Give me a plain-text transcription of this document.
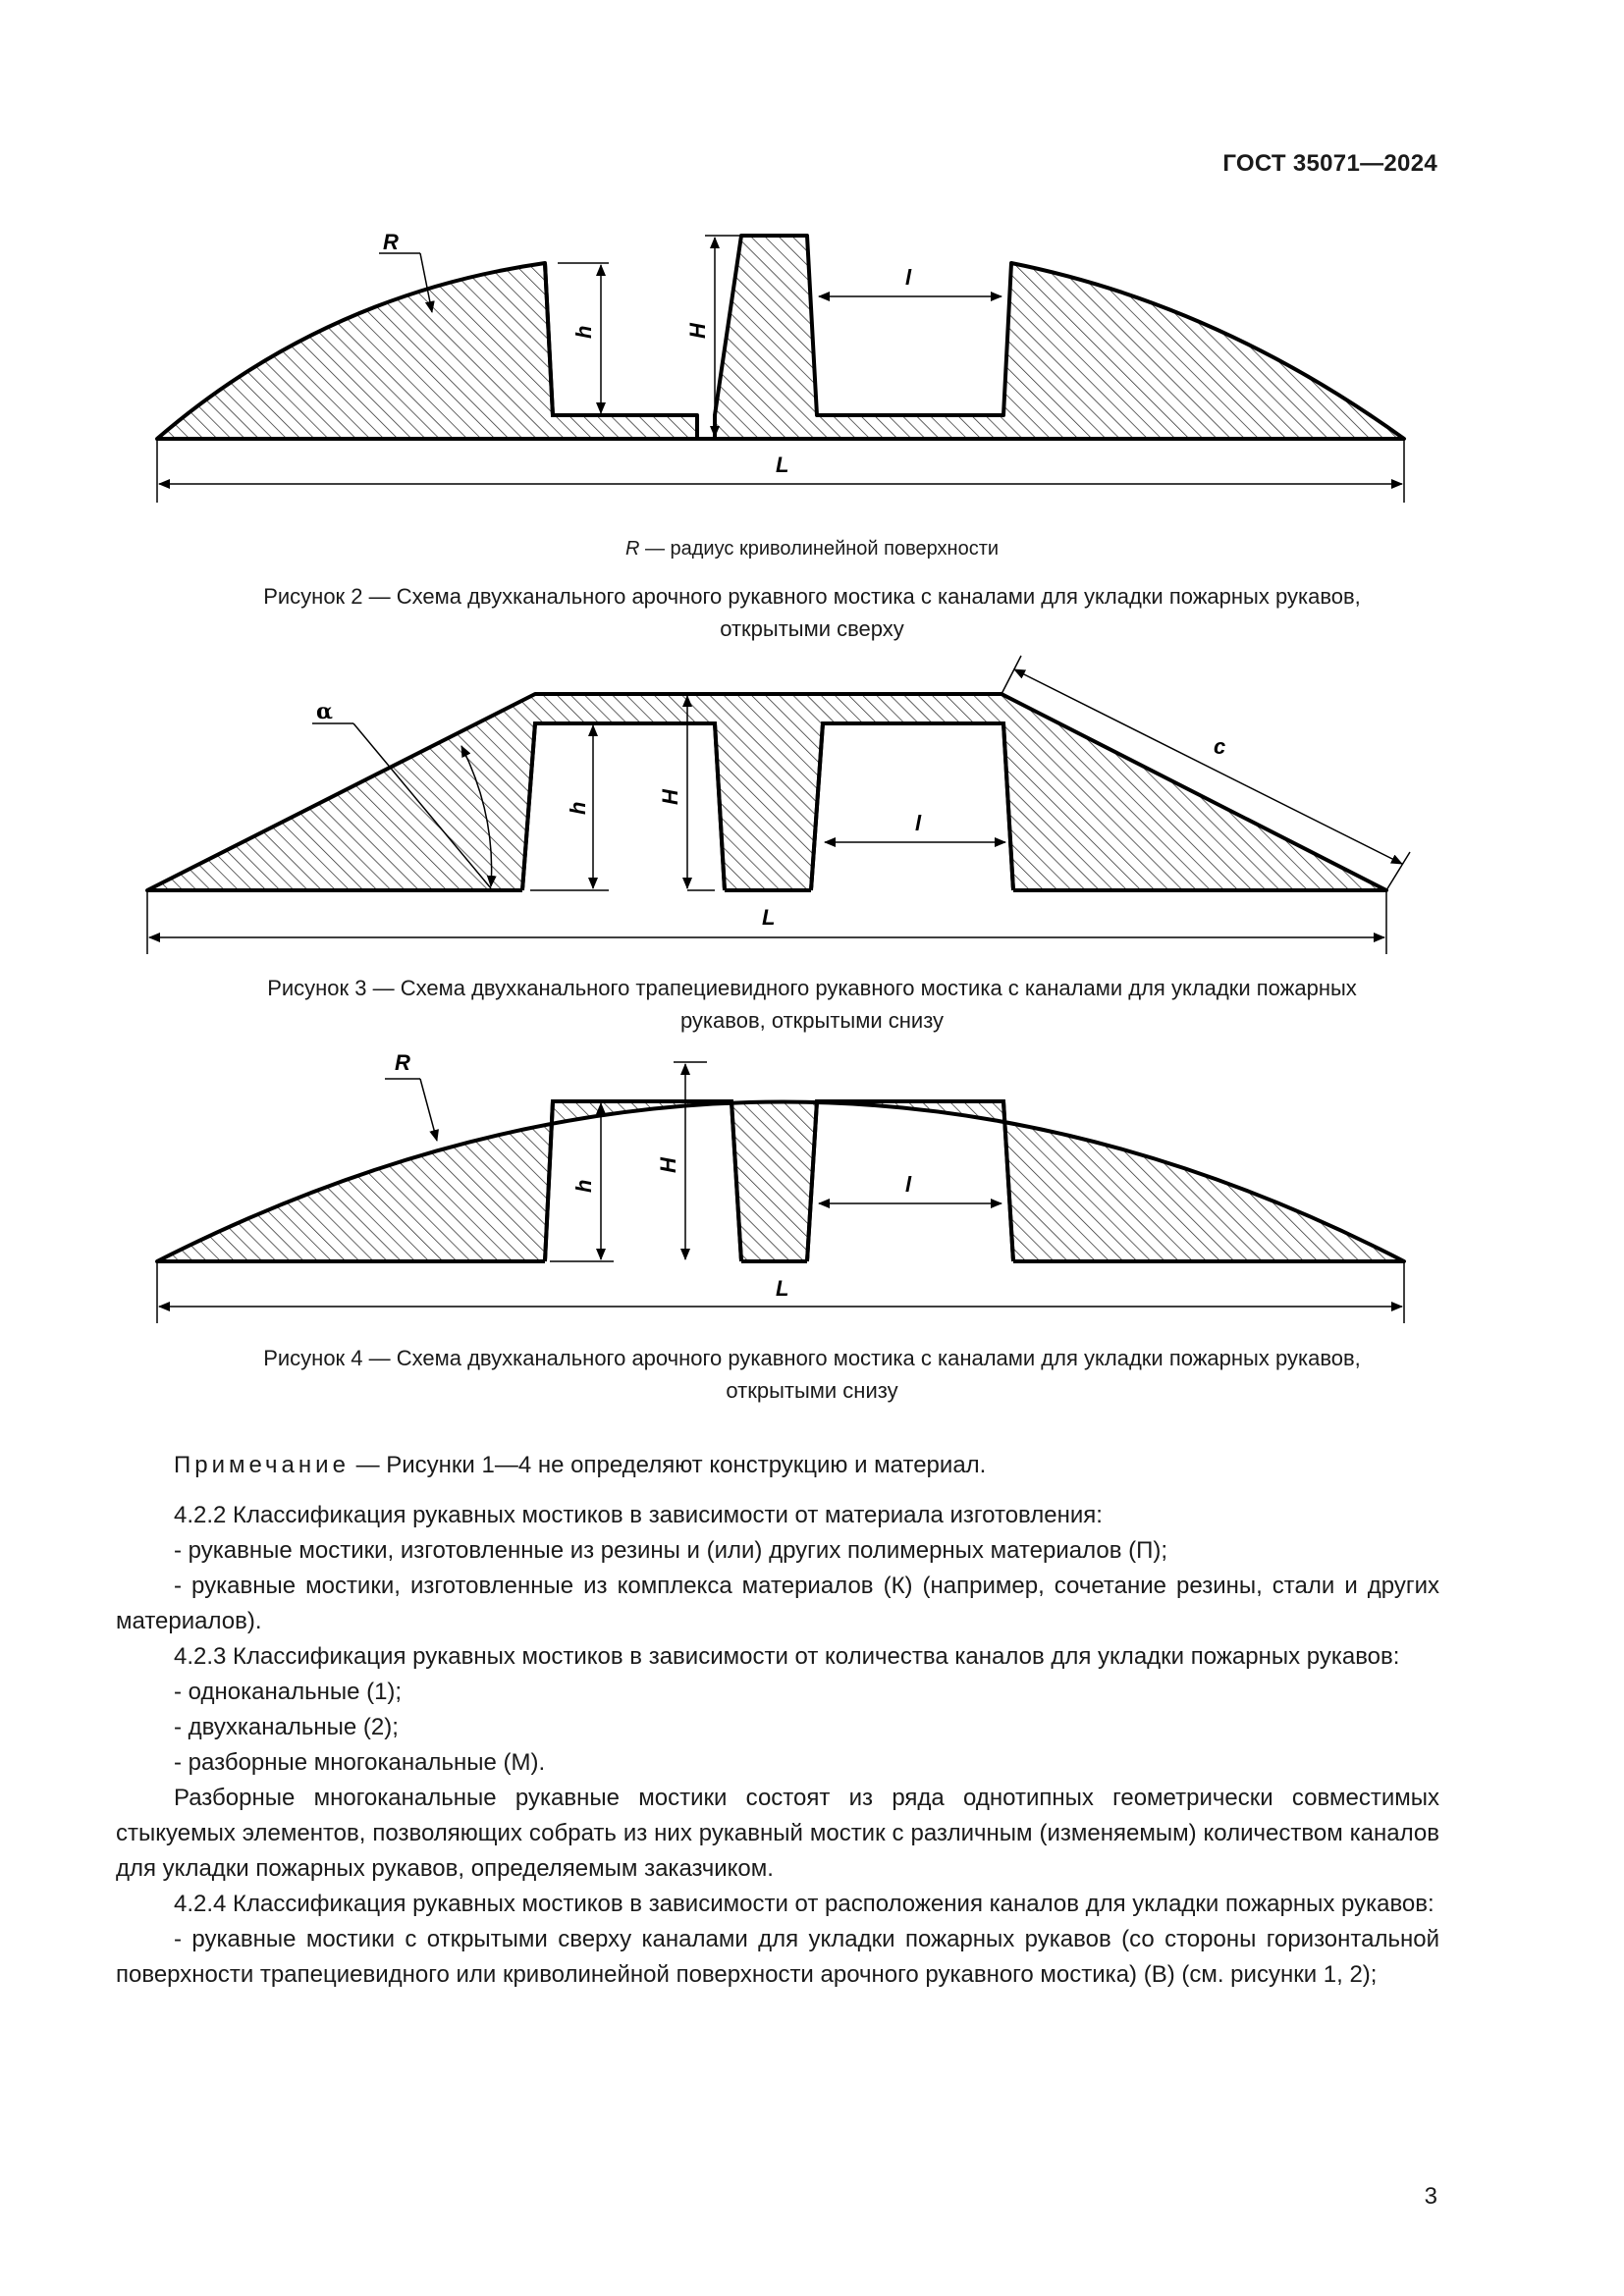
ГОСТ 35071—2024
R
h	H
l
L
R — радиус криволинейной поверхности
Рисунок 2 — Схема двухканального арочного рукавного мостика с каналами для укладки пожарных рукавов,
открытыми сверху
α
h
H
l
c
L
Рисунок 3 — Схема двухканального трапециевидного рукавного мостика с каналами для укладки пожарных
рукавов, открытыми снизу
R
h
H
l
L
Рисунок 4 — Схема двухканального арочного рукавного мостика с каналами для укладки пожарных рукавов,
открытыми снизу

Примечание — Рисунки 1—4 не определяют конструкцию и материал.

4.2.2 Классификация рукавных мостиков в зависимости от материала изготовления:

- рукавные мостики, изготовленные из резины и (или) других полимерных материалов (П);

- рукавные мостики, изготовленные из комплекса материалов (К) (например, сочетание резины, стали и других материалов).

4.2.3 Классификация рукавных мостиков в зависимости от количества каналов для укладки пожарных рукавов:

- одноканальные (1);

- двухканальные (2);

- разборные многоканальные (М).

Разборные многоканальные рукавные мостики состоят из ряда однотипных геометрически совместимых стыкуемых элементов, позволяющих собрать из них рукавный мостик с различным (изменяемым) количеством каналов для укладки пожарных рукавов, определяемым заказчиком.

4.2.4 Классификация рукавных мостиков в зависимости от расположения каналов для укладки пожарных рукавов:

- рукавные мостики с открытыми сверху каналами для укладки пожарных рукавов (со стороны горизонтальной поверхности трапециевидного или криволинейной поверхности арочного рукавного мостика) (В) (см. рисунки 1, 2);

3
